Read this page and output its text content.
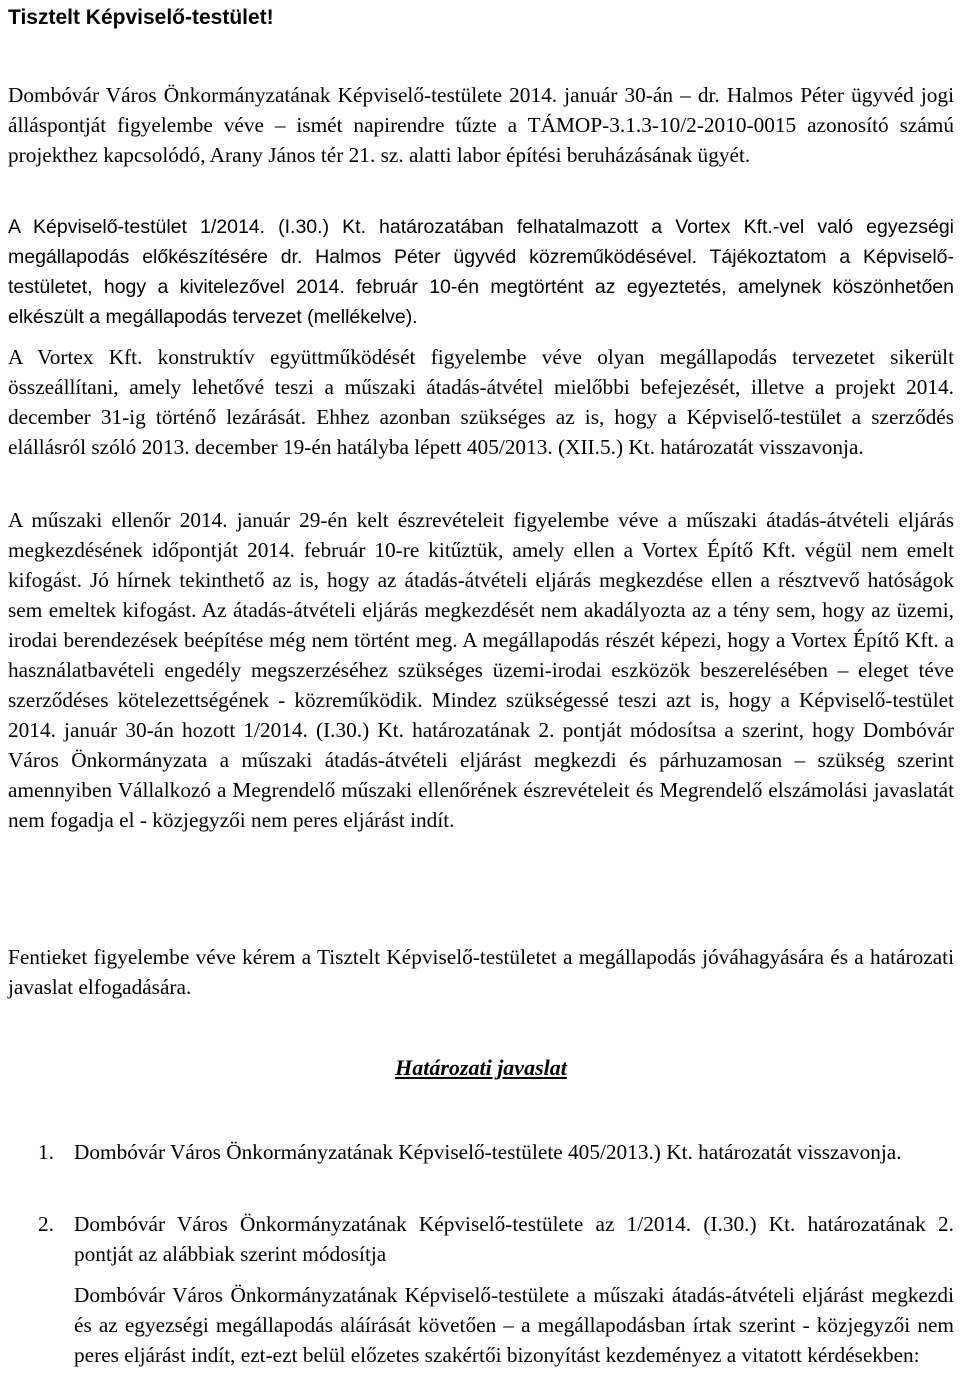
Tisztelt Képviselő-testület!

Dombóvár Város Önkormányzatának Képviselő-testülete 2014. január 30-án – dr. Halmos Péter ügyvéd jogi álláspontját figyelembe véve – ismét napirendre tűzte a TÁMOP-3.1.3-10/2-2010-0015 azonosító számú projekthez kapcsolódó, Arany János tér 21. sz. alatti labor építési beruházásának ügyét.

A Képviselő-testület 1/2014. (I.30.) Kt. határozatában felhatalmazott a Vortex Kft.-vel való egyezségi megállapodás előkészítésére dr. Halmos Péter ügyvéd közreműködésével. Tájékoztatom a Képviselő-testületet, hogy a kivitelezővel 2014. február 10-én megtörtént az egyeztetés, amelynek köszönhetően elkészült a megállapodás tervezet (mellékelve).

A Vortex Kft. konstruktív együttműködését figyelembe véve olyan megállapodás tervezetet sikerült összeállítani, amely lehetővé teszi a műszaki átadás-átvétel mielőbbi befejezését, illetve a projekt 2014. december 31-ig történő lezárását. Ehhez azonban szükséges az is, hogy a Képviselő-testület a szerződés elállásról szóló 2013. december 19-én hatályba lépett 405/2013. (XII.5.) Kt. határozatát visszavonja.

A műszaki ellenőr 2014. január 29-én kelt észrevételeit figyelembe véve a műszaki átadás-átvételi eljárás megkezdésének időpontját 2014. február 10-re kitűztük, amely ellen a Vortex Építő Kft. végül nem emelt kifogást. Jó hírnek tekinthető az is, hogy az átadás-átvételi eljárás megkezdése ellen a résztvevő hatóságok sem emeltek kifogást. Az átadás-átvételi eljárás megkezdését nem akadályozta az a tény sem, hogy az üzemi, irodai berendezések beépítése még nem történt meg. A megállapodás részét képezi, hogy a Vortex Építő Kft. a használatbavételi engedély megszerzéséhez szükséges üzemi-irodai eszközök beszerelésében – eleget téve szerződéses kötelezettségének - közreműködik. Mindez szükségessé teszi azt is, hogy a Képviselő-testület 2014. január 30-án hozott 1/2014. (I.30.) Kt. határozatának 2. pontját módosítsa a szerint, hogy Dombóvár Város Önkormányzata a műszaki átadás-átvételi eljárást megkezdi és párhuzamosan – szükség szerint amennyiben Vállalkozó a Megrendelő műszaki ellenőrének észrevételeit és Megrendelő elszámolási javaslatát nem fogadja el - közjegyzői nem peres eljárást indít.

Fentieket figyelembe véve kérem a Tisztelt Képviselő-testületet a megállapodás jóváhagyására és a határozati javaslat elfogadására.

Határozati javaslat
1. Dombóvár Város Önkormányzatának Képviselő-testülete 405/2013.) Kt. határozatát visszavonja.

2. Dombóvár Város Önkormányzatának Képviselő-testülete az 1/2014. (I.30.) Kt. határozatának 2. pontját az alábbiak szerint módosítja

Dombóvár Város Önkormányzatának Képviselő-testülete a műszaki átadás-átvételi eljárást megkezdi és az egyezségi megállapodás aláírását követően – a megállapodásban írtak szerint - közjegyzői nem peres eljárást indít, ezt-ezt belül előzetes szakértői bizonyítást kezdeményez a vitatott kérdésekben:
